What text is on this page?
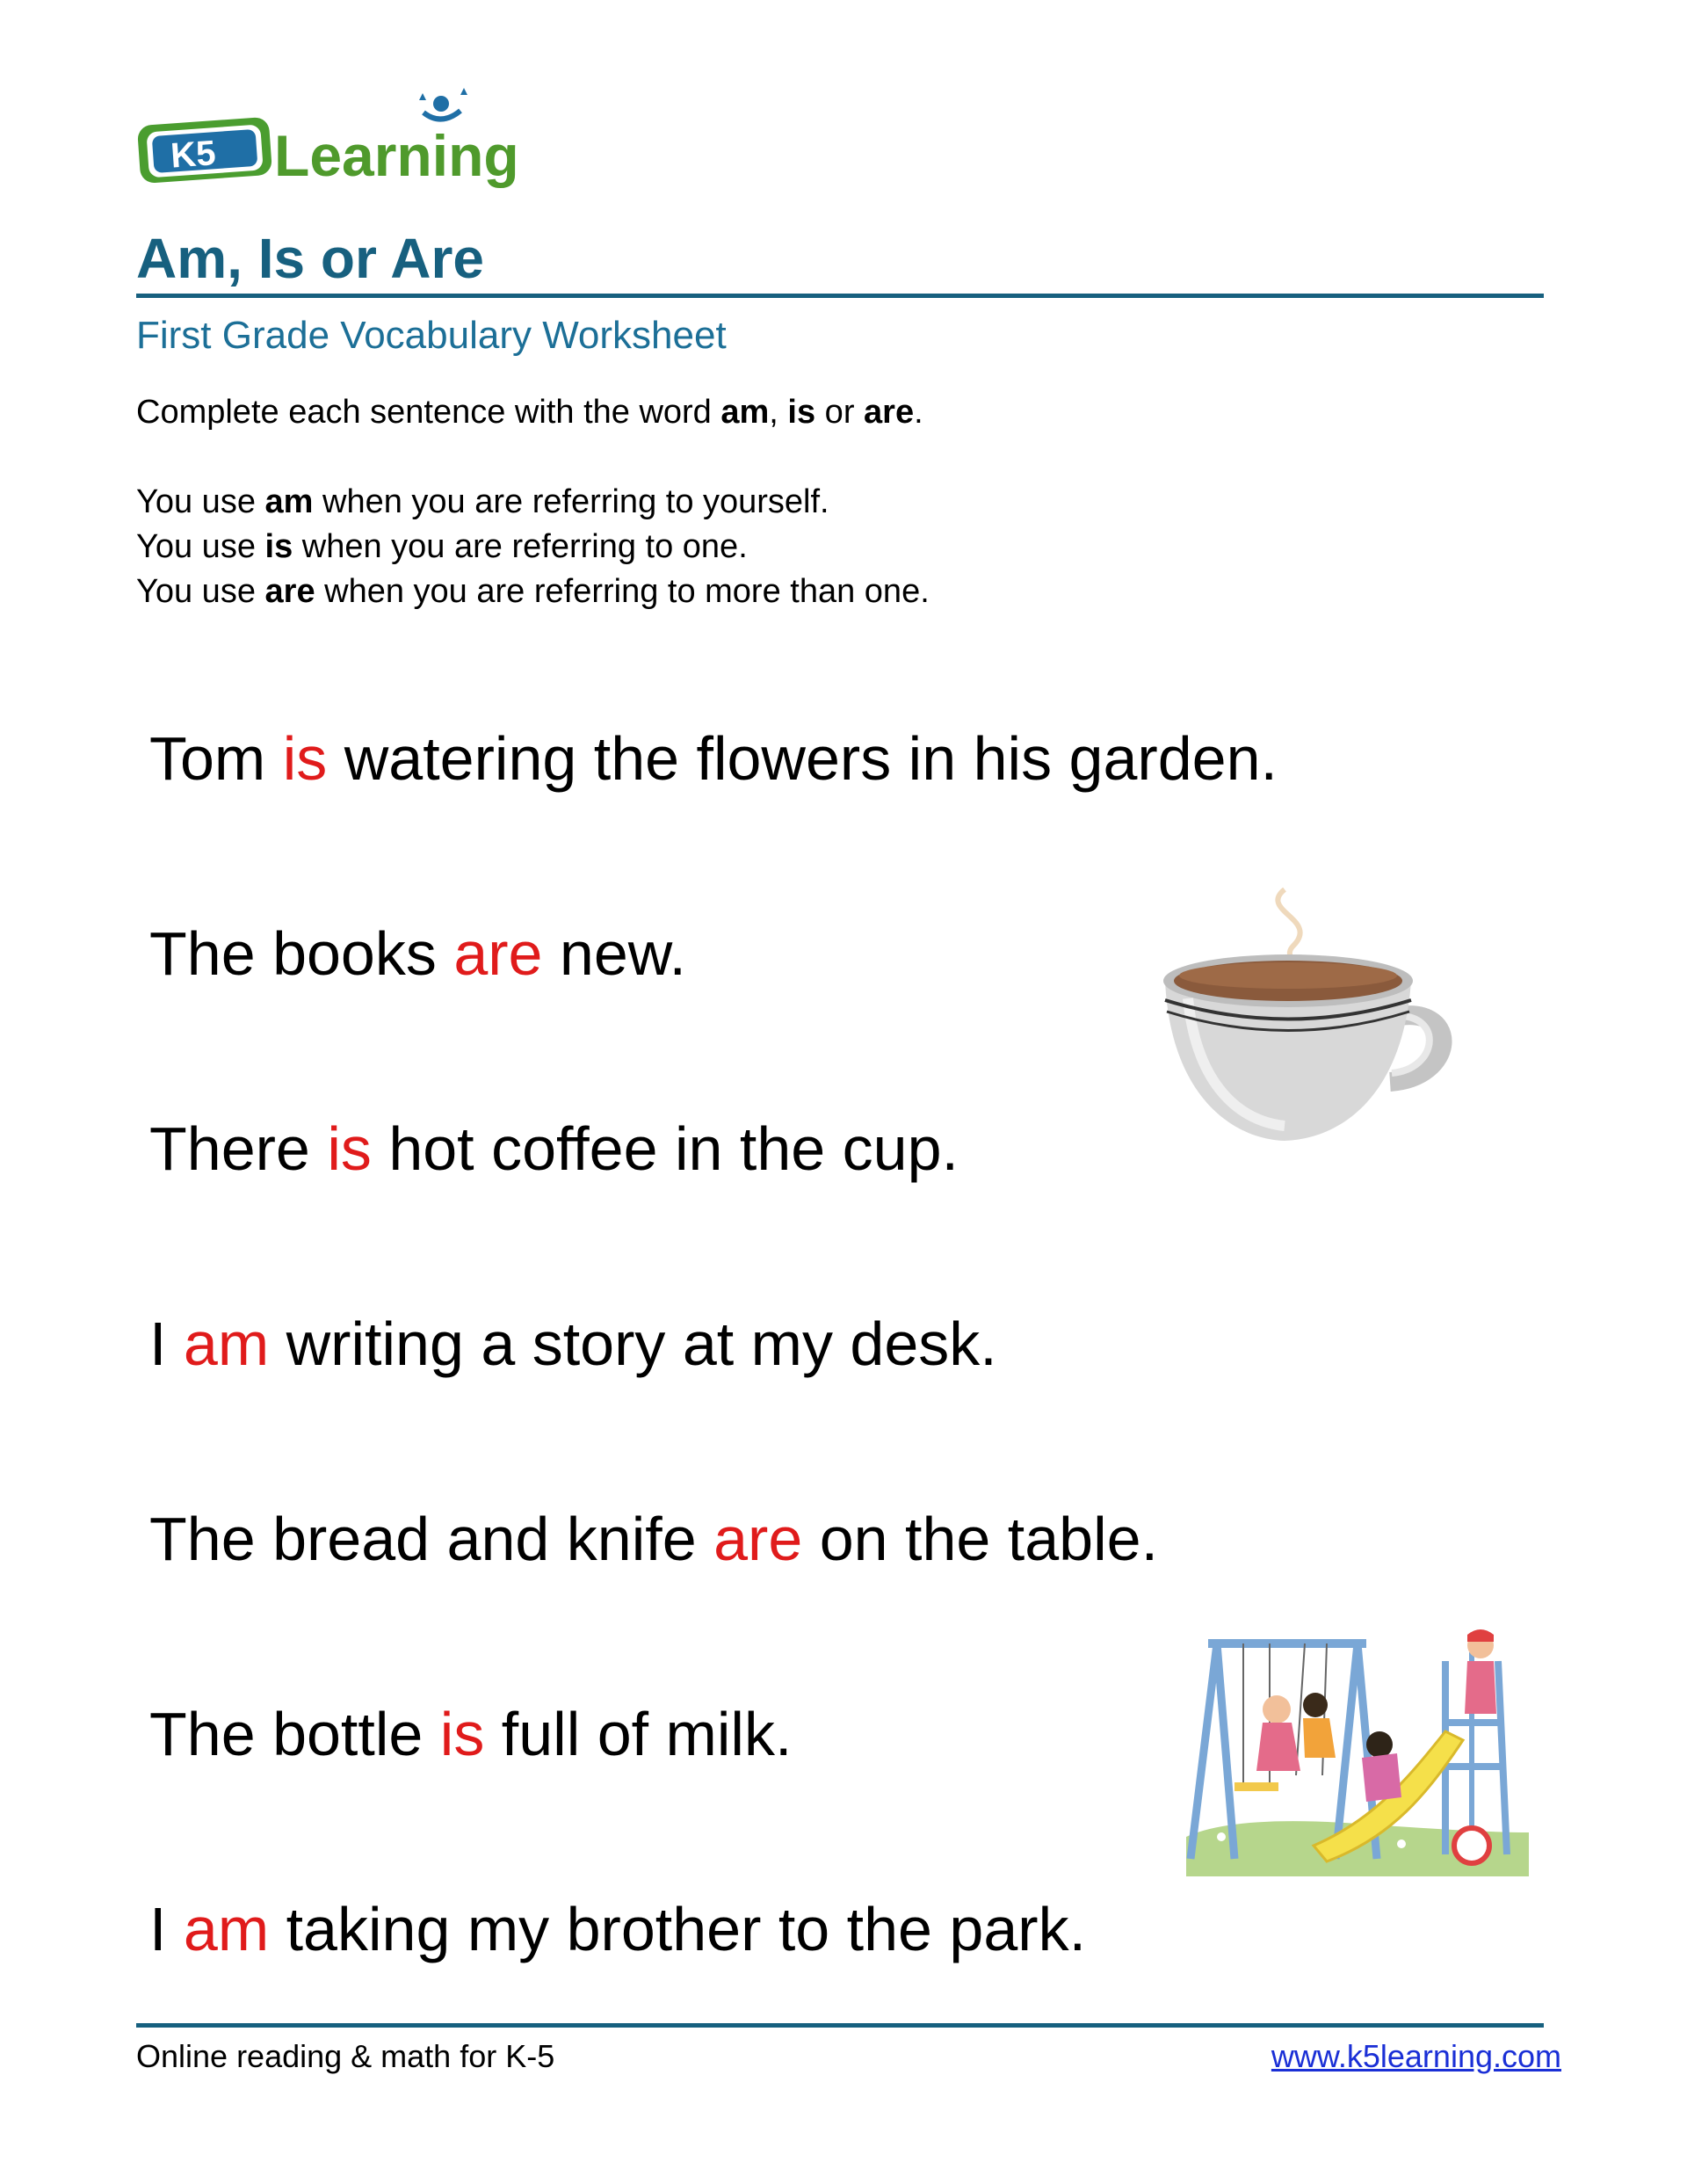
K5 Learning
Am, Is or Are
First Grade Vocabulary Worksheet
Complete each sentence with the word am, is or are.
You use am when you are referring to yourself.
You use is when you are referring to one.
You use are when you are referring to more than one.
Tom is watering the flowers in his garden.
The books are new.
There is hot coffee in the cup.
I am writing a story at my desk.
The bread and knife are on the table.
The bottle is full of milk.
I am taking my brother to the park.
Online reading & math for K-5	www.k5learning.com
